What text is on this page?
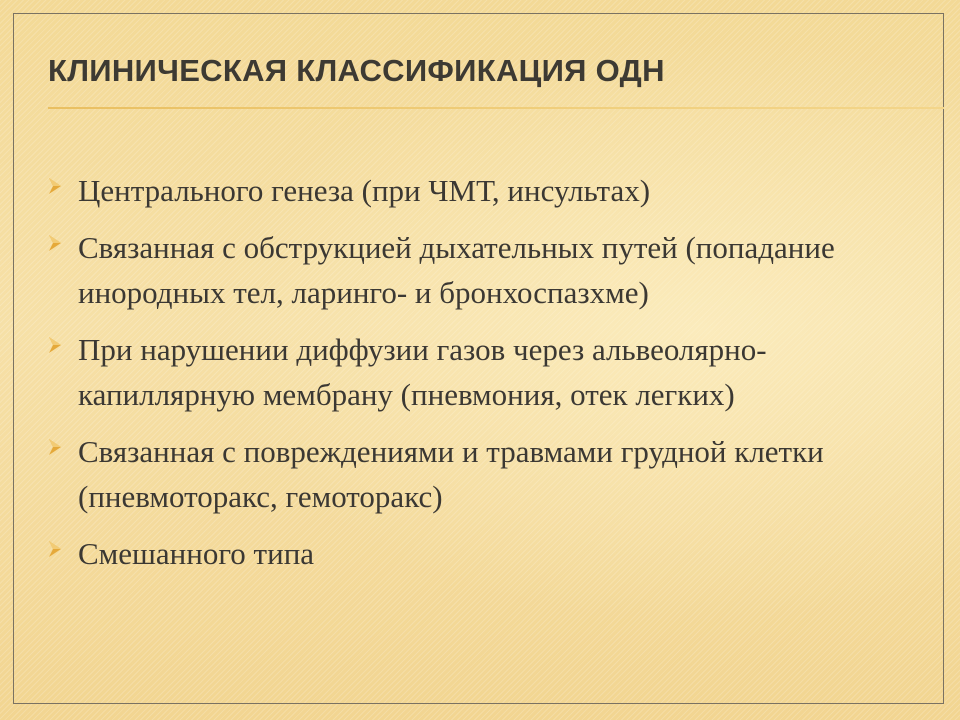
КЛИНИЧЕСКАЯ КЛАССИФИКАЦИЯ ОДН
Центрального генеза (при ЧМТ, инсультах)
Связанная с обструкцией дыхательных путей (попадание инородных тел, ларинго- и бронхоспазхме)
При нарушении диффузии газов через альвеолярно-капиллярную мембрану (пневмония, отек легких)
Связанная с повреждениями и травмами грудной клетки (пневмоторакс, гемоторакс)
Смешанного типа
